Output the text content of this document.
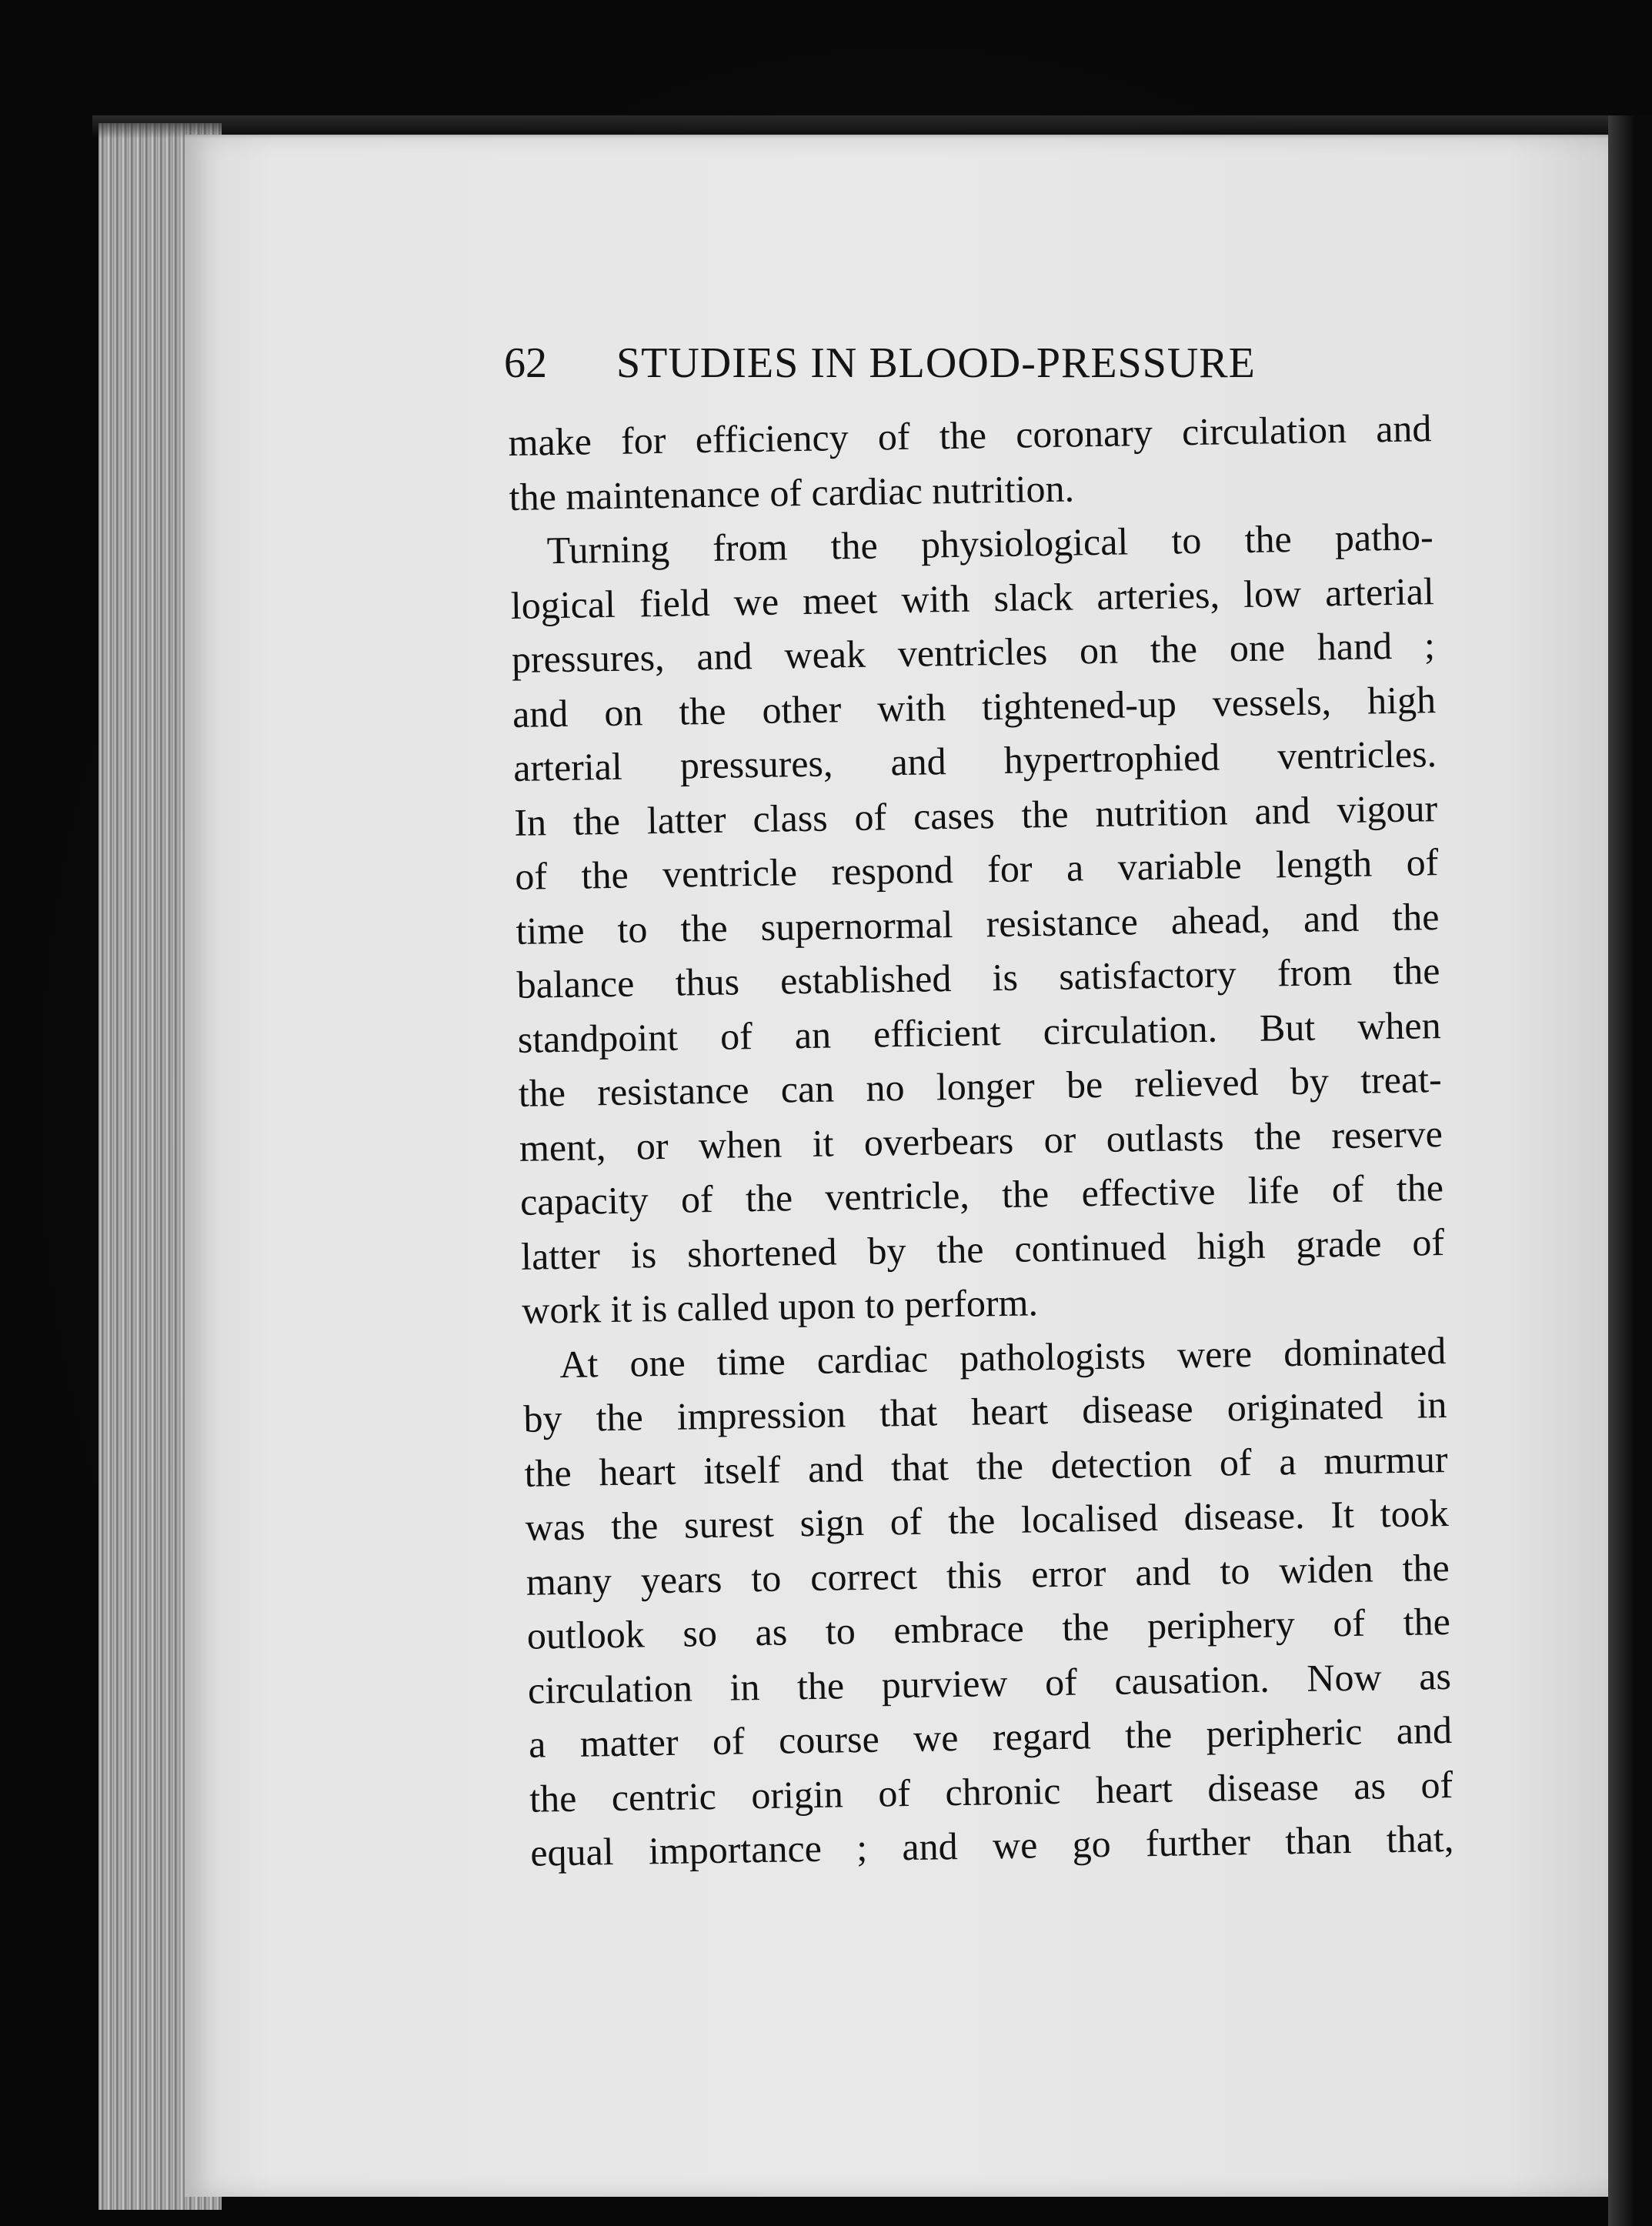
62 STUDIES IN BLOOD-PRESSURE
make for efficiency of the coronary circulation and
the maintenance of cardiac nutrition.
Turning from the physiological to the patho-
logical field we meet with slack arteries, low arterial
pressures, and weak ventricles on the one hand ;
and on the other with tightened-up vessels, high
arterial pressures, and hypertrophied ventricles.
In the latter class of cases the nutrition and vigour
of the ventricle respond for a variable length of
time to the supernormal resistance ahead, and the
balance thus established is satisfactory from the
standpoint of an efficient circulation. But when
the resistance can no longer be relieved by treat-
ment, or when it overbears or outlasts the reserve
capacity of the ventricle, the effective life of the
latter is shortened by the continued high grade of
work it is called upon to perform.
At one time cardiac pathologists were dominated
by the impression that heart disease originated in
the heart itself and that the detection of a murmur
was the surest sign of the localised disease. It took
many years to correct this error and to widen the
outlook so as to embrace the periphery of the
circulation in the purview of causation. Now as
a matter of course we regard the peripheric and
the centric origin of chronic heart disease as of
equal importance ; and we go further than that,
